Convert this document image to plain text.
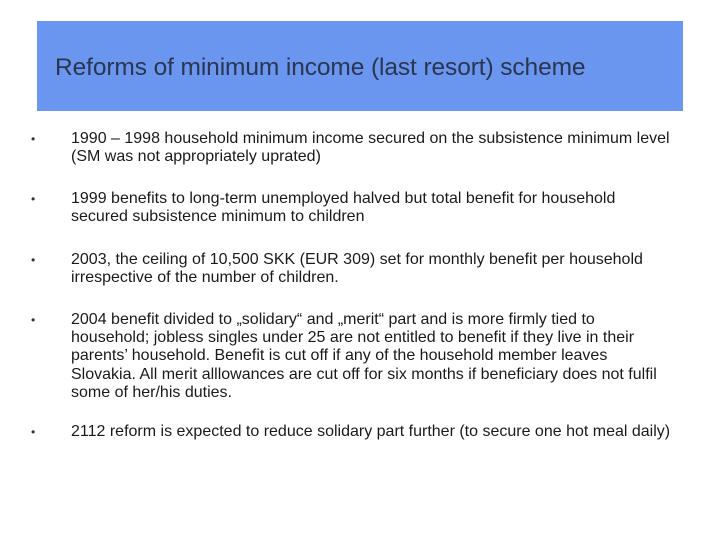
Reforms of minimum income (last resort) scheme
• 1990 – 1998 household minimum income secured on the subsistence minimum level (SM was not appropriately uprated)
• 1999 benefits to long-term unemployed halved but total benefit for household secured subsistence minimum to children
• 2003, the ceiling of 10,500 SKK (EUR 309) set for monthly benefit per household irrespective of the number of children.
• 2004 benefit divided to „solidary“ and „merit“ part and is more firmly tied to household; jobless singles under 25 are not entitled to benefit if they live in their parents’ household. Benefit is cut off if any of the household member leaves Slovakia. All merit alllowances are cut off for six months if beneficiary does not fulfil some of her/his duties.
• 2112 reform is expected to reduce solidary part further (to secure one hot meal daily)
